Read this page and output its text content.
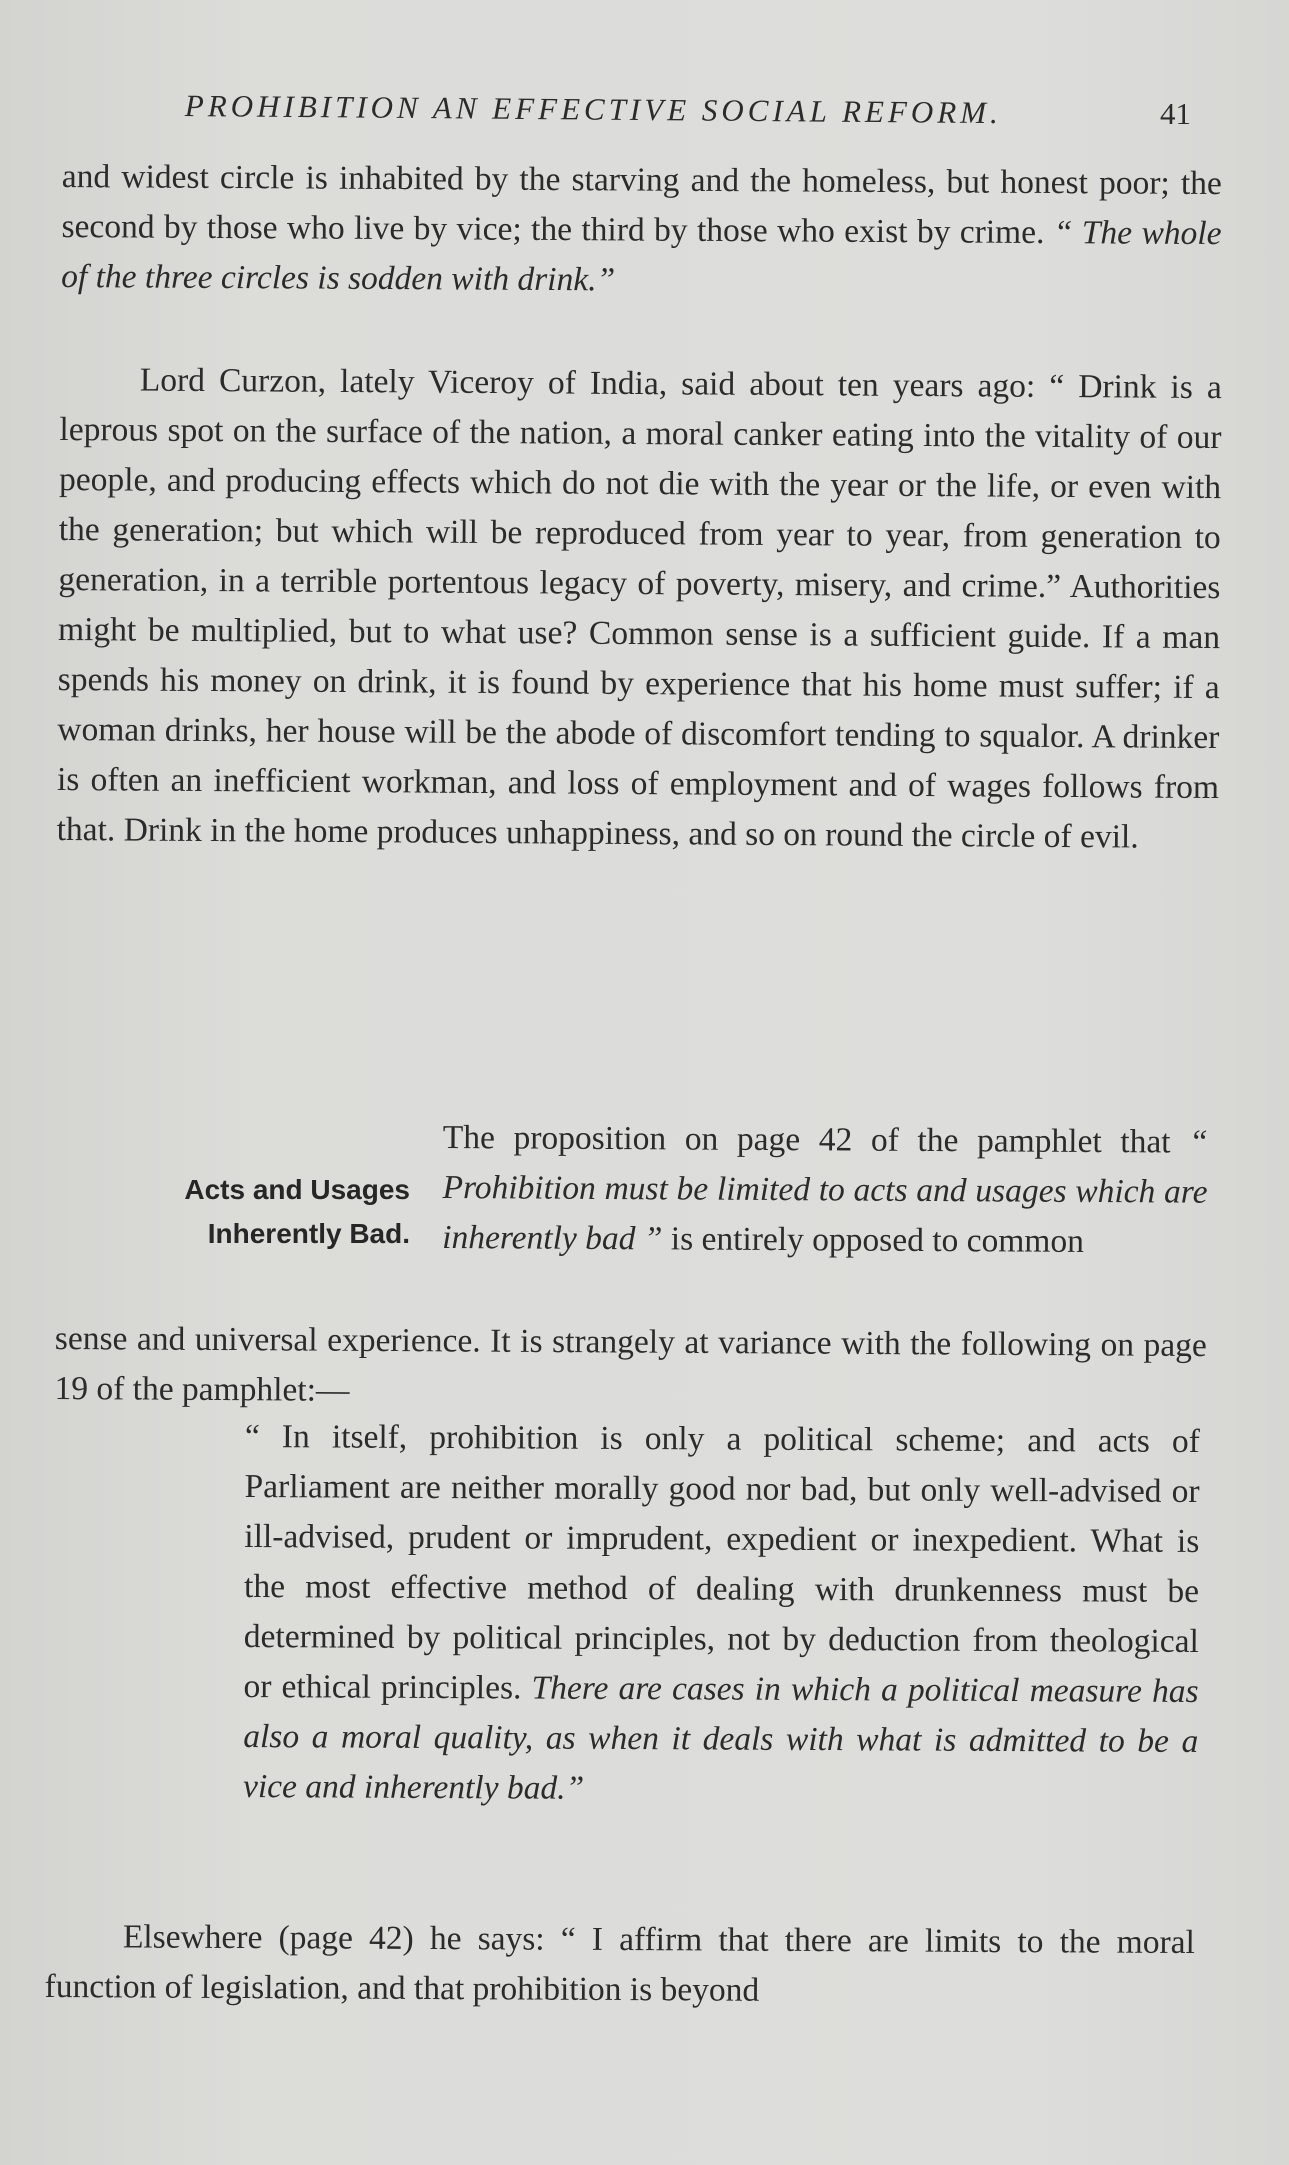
PROHIBITION AN EFFECTIVE SOCIAL REFORM.	41

and widest circle is inhabited by the starving and the homeless, but honest poor; the second by those who live by vice; the third by those who exist by crime. “ The whole of the three circles is sodden with drink.”

Lord Curzon, lately Viceroy of India, said about ten years ago: “ Drink is a leprous spot on the surface of the nation, a moral canker eating into the vitality of our people, and producing effects which do not die with the year or the life, or even with the generation; but which will be reproduced from year to year, from generation to generation, in a terrible portentous legacy of poverty, misery, and crime.” Authorities might be multiplied, but to what use? Common sense is a sufficient guide. If a man spends his money on drink, it is found by experience that his home must suffer; if a woman drinks, her house will be the abode of discomfort tending to squalor. A drinker is often an inefficient workman, and loss of employment and of wages follows from that. Drink in the home produces unhappiness, and so on round the circle of evil.

Acts and Usages
Inherently Bad.

The proposition on page 42 of the pamphlet that “ Prohibition must be limited to acts and usages which are inherently bad ” is entirely opposed to common

sense and universal experience. It is strangely at variance with the following on page 19 of the pamphlet:—

“ In itself, prohibition is only a political scheme; and acts of Parliament are neither morally good nor bad, but only well-advised or ill-advised, prudent or imprudent, expedient or inexpedient. What is the most effective method of dealing with drunkenness must be determined by political principles, not by deduction from theological or ethical principles. There are cases in which a political measure has also a moral quality, as when it deals with what is admitted to be a vice and inherently bad.”

Elsewhere (page 42) he says: “ I affirm that there are limits to the moral function of legislation, and that prohibition is beyond
